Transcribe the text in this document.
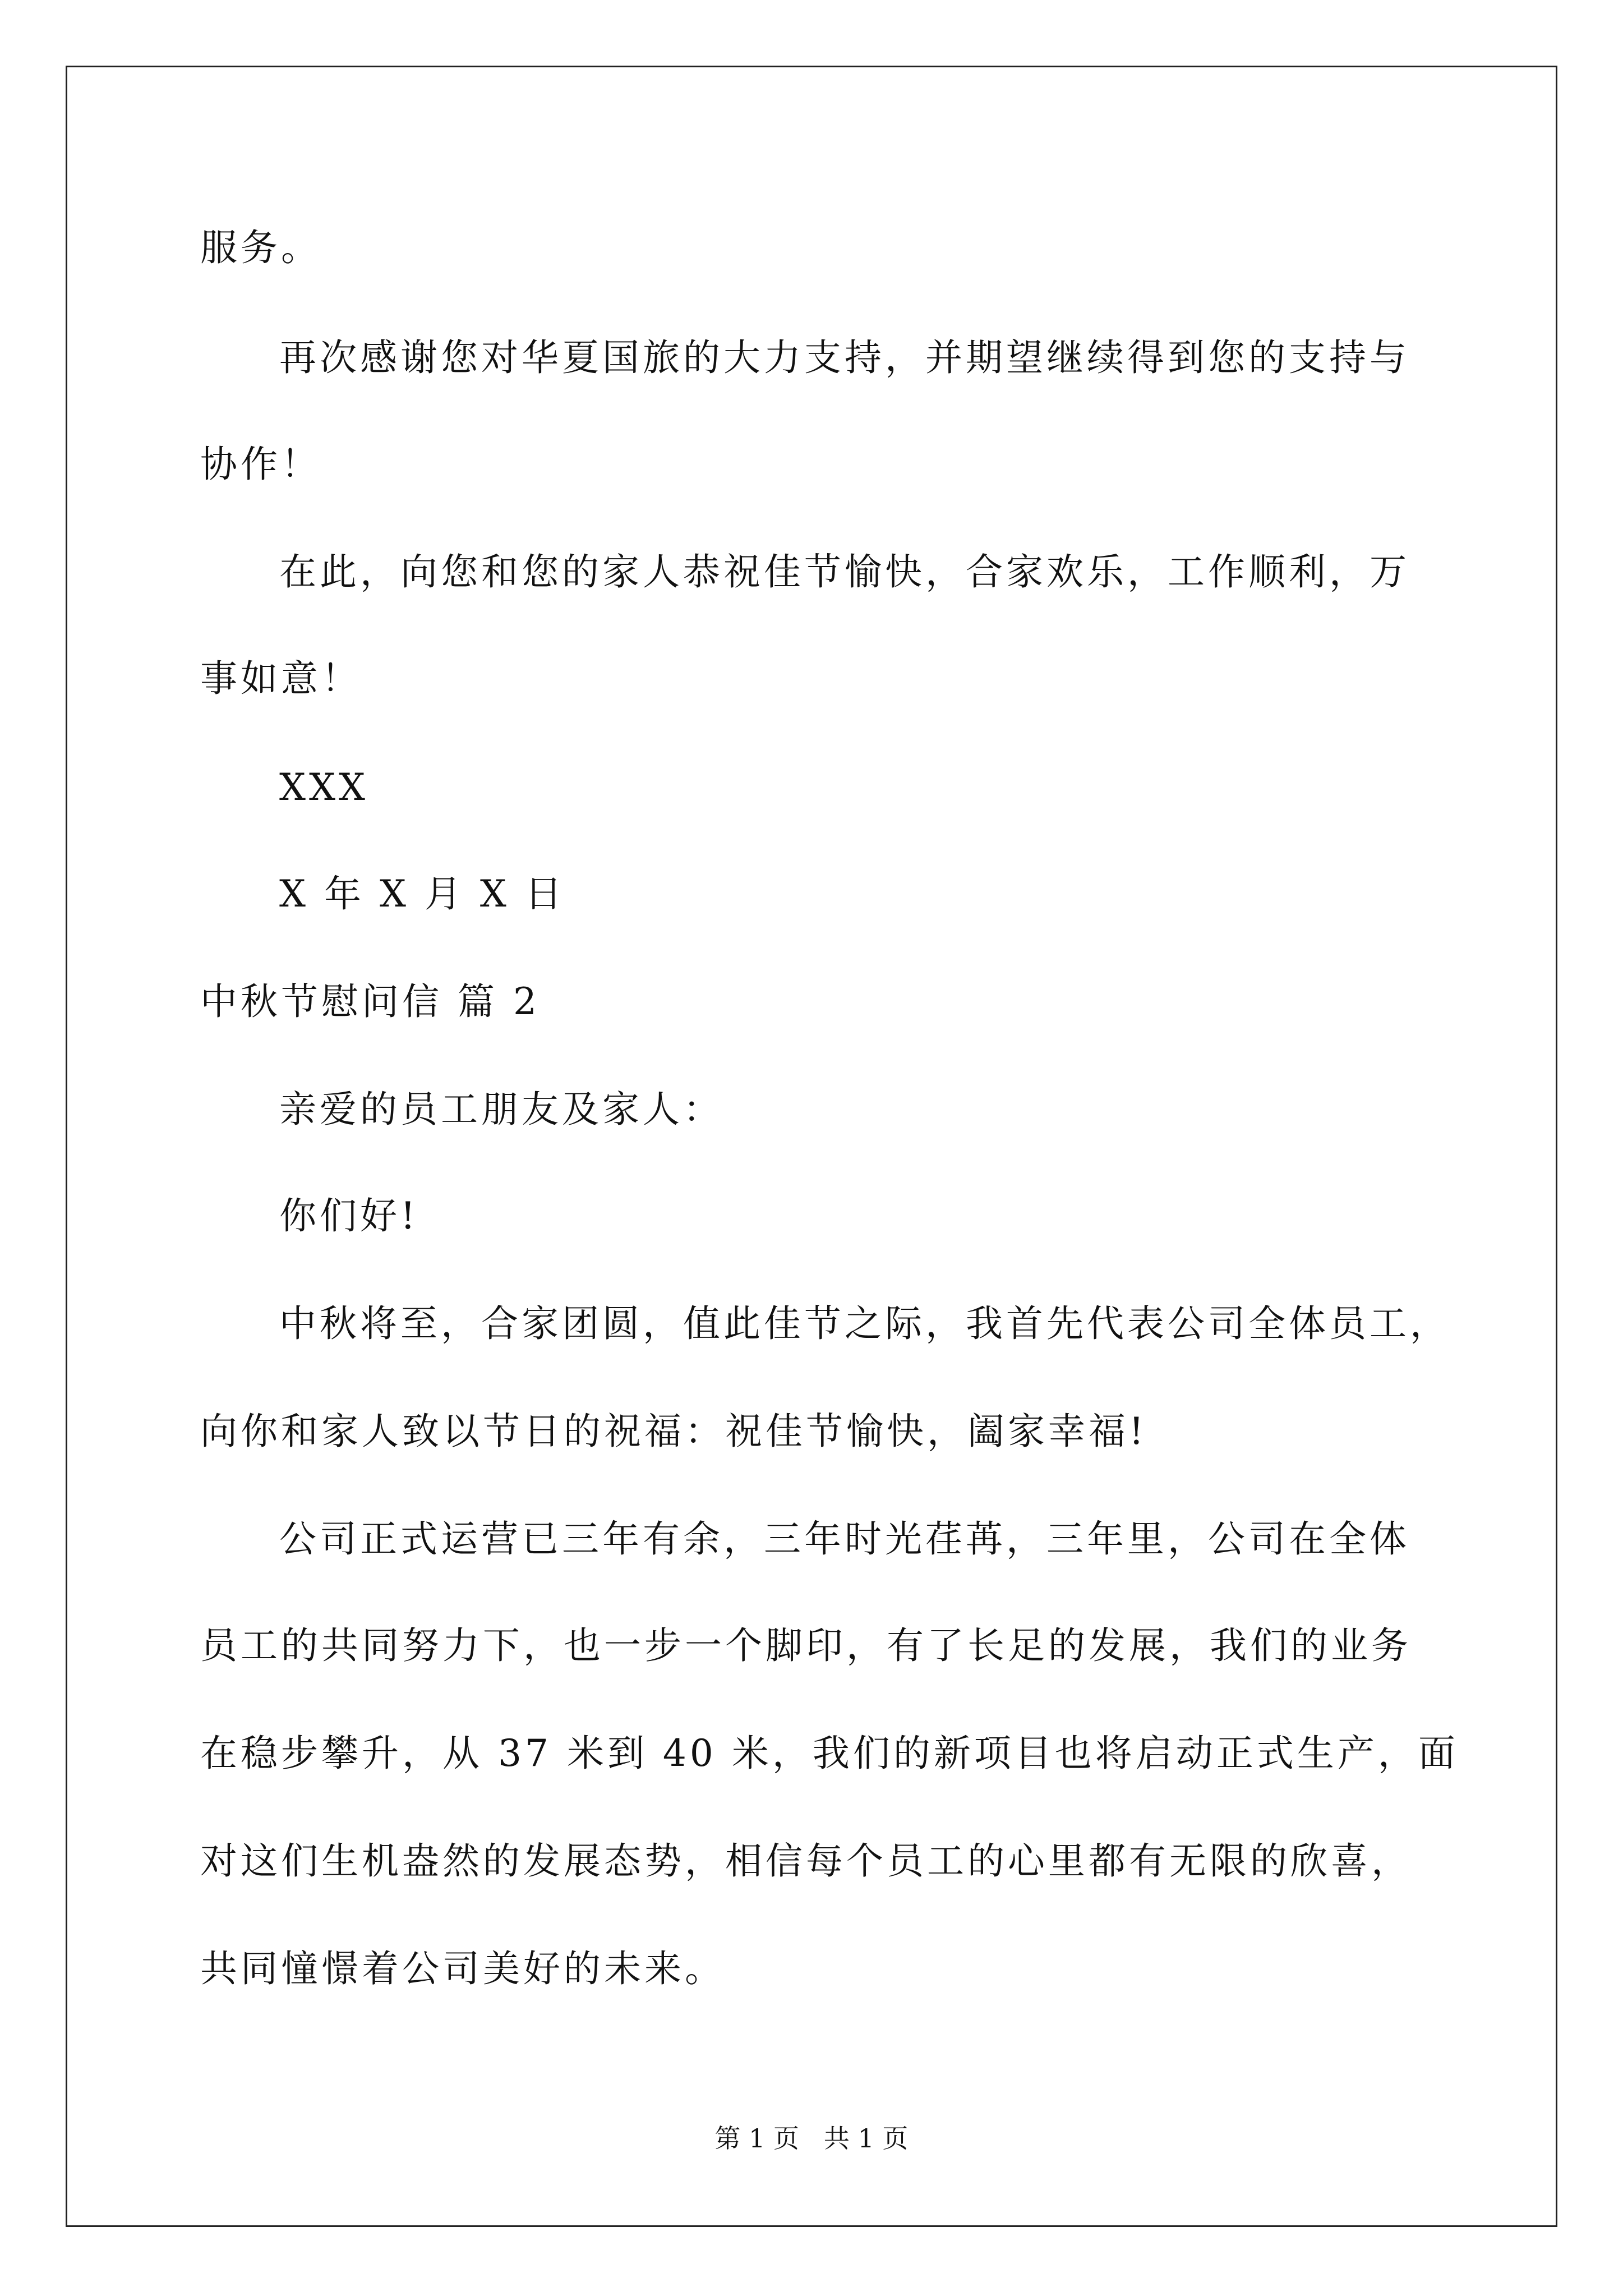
服务。
再次感谢您对华夏国旅的大力支持，并期望继续得到您的支持与
协作！
在此，向您和您的家人恭祝佳节愉快，合家欢乐，工作顺利，万
事如意！
XXX
X 年 X 月 X 日
中秋节慰问信 篇 2
亲爱的员工朋友及家人：
你们好!
中秋将至，合家团圆，值此佳节之际，我首先代表公司全体员工，
向你和家人致以节日的祝福：祝佳节愉快，阖家幸福!
公司正式运营已三年有余，三年时光荏苒，三年里，公司在全体
员工的共同努力下，也一步一个脚印，有了长足的发展，我们的业务
在稳步攀升，从 37 米到 40 米，我们的新项目也将启动正式生产，面
对这们生机盎然的发展态势，相信每个员工的心里都有无限的欣喜，
共同憧憬着公司美好的未来。
第 1 页   共 1 页
